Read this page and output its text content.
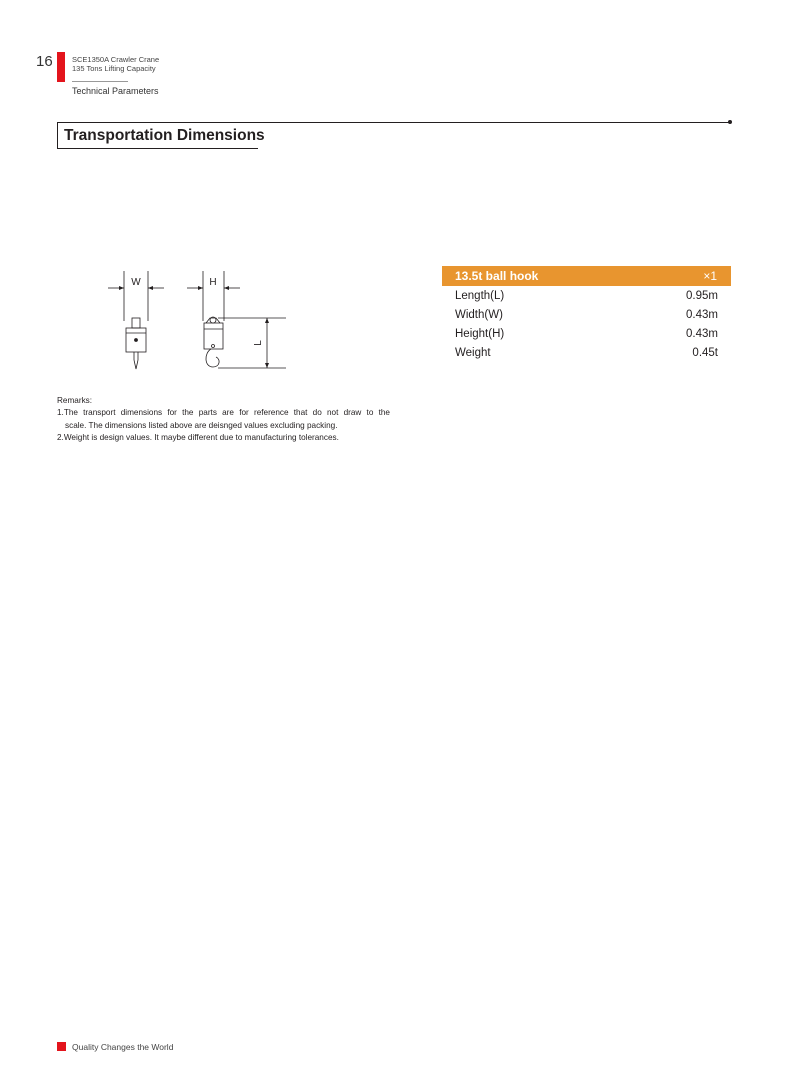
16	SCE1350A Crawler Crane
135 Tons Lifting Capacity
Technical Parameters
Transportation Dimensions
W	H
L
13.5t ball hook	×1
Length(L)	0.95m
Width(W)	0.43m
Height(H)	0.43m
Weight	0.45t
Remarks:
1.The transport dimensions for the parts are for reference that do not draw to the
scale. The dimensions listed above are deisnged values excluding packing.
2.Weight is design values. It maybe different due to manufacturing tolerances.
Quality Changes the World
